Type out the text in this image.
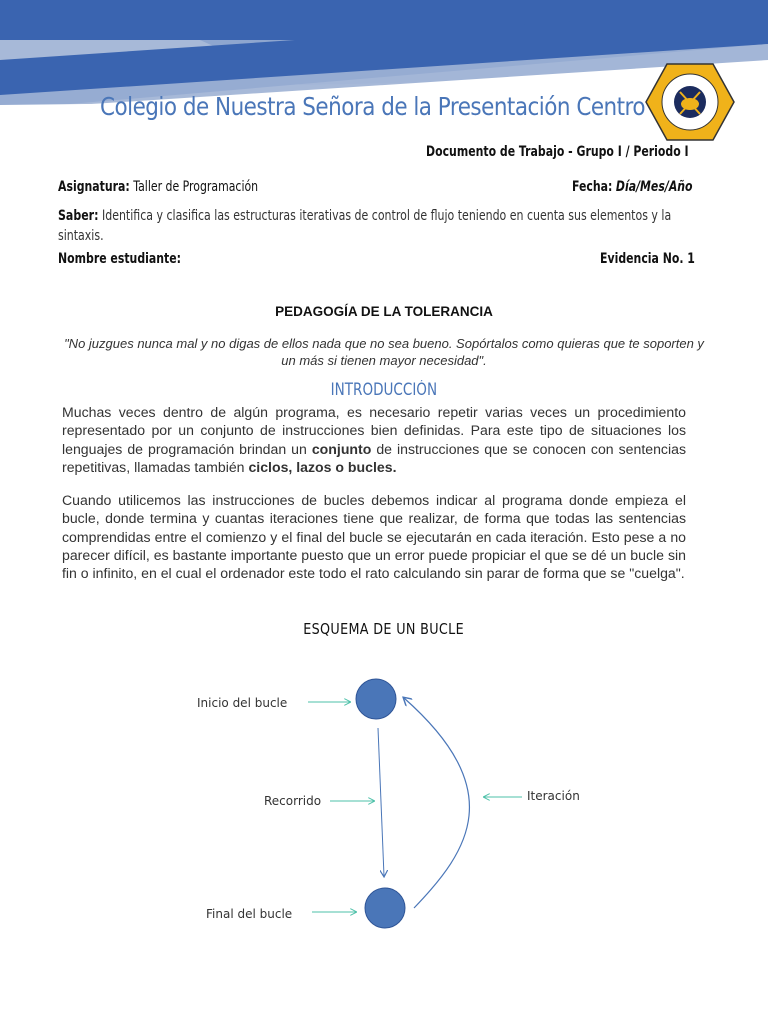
Colegio de Nuestra Señora de la Presentación Centro
Documento de Trabajo - Grupo I / Periodo I
Asignatura: Taller de Programación	Fecha: Día/Mes/Año
Saber: Identifica y clasifica las estructuras iterativas de control de flujo teniendo en cuenta sus elementos y la sintaxis.
Nombre estudiante:	Evidencia No. 1
PEDAGOGÍA DE LA TOLERANCIA
"No juzgues nunca mal y no digas de ellos nada que no sea bueno. Sopórtalos como quieras que te soporten y un más si tienen mayor necesidad".
INTRODUCCIÓN
Muchas veces dentro de algún programa, es necesario repetir varias veces un procedimiento representado por un conjunto de instrucciones bien definidas. Para este tipo de situaciones los lenguajes de programación brindan un conjunto de instrucciones que se conocen con sentencias repetitivas, llamadas también ciclos, lazos o bucles.
Cuando utilicemos las instrucciones de bucles debemos indicar al programa donde empieza el bucle, donde termina y cuantas iteraciones tiene que realizar, de forma que todas las sentencias comprendidas entre el comienzo y el final del bucle se ejecutarán en cada iteración. Esto pese a no parecer difícil, es bastante importante puesto que un error puede propiciar el que se dé un bucle sin fin o infinito, en el cual el ordenador este todo el rato calculando sin parar de forma que se "cuelga".
ESQUEMA DE UN BUCLE
Inicio del bucle
Recorrido
Final del bucle
Iteración
